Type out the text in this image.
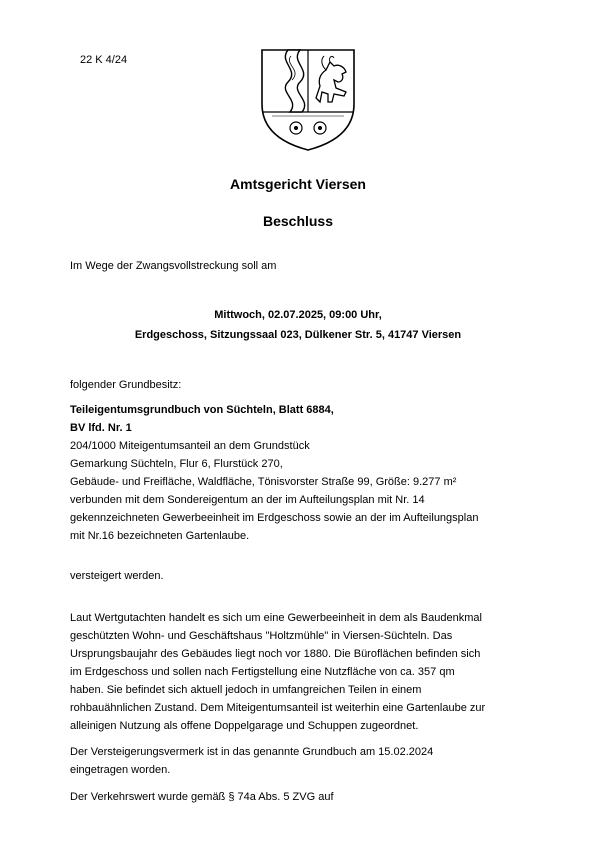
22 K 4/24
Amtsgericht Viersen
Beschluss
Im Wege der Zwangsvollstreckung soll am
Mittwoch, 02.07.2025, 09:00 Uhr,
Erdgeschoss, Sitzungssaal 023, Dülkener Str. 5, 41747 Viersen
folgender Grundbesitz:
Teileigentumsgrundbuch von Süchteln, Blatt 6884,
BV lfd. Nr. 1
204/1000 Miteigentumsanteil an dem Grundstück
Gemarkung Süchteln, Flur 6, Flurstück 270,
Gebäude- und Freifläche, Waldfläche, Tönisvorster Straße 99, Größe: 9.277 m²
verbunden mit dem Sondereigentum an der im Aufteilungsplan mit Nr. 14
gekennzeichneten Gewerbeeinheit im Erdgeschoss sowie an der im Aufteilungsplan
mit Nr.16 bezeichneten Gartenlaube.
versteigert werden.
Laut Wertgutachten handelt es sich um eine Gewerbeeinheit in dem als Baudenkmal
geschützten Wohn- und Geschäftshaus "Holtzmühle" in Viersen-Süchteln. Das
Ursprungsbaujahr des Gebäudes liegt noch vor 1880. Die Büroflächen befinden sich
im Erdgeschoss und sollen nach Fertigstellung eine Nutzfläche von ca. 357 qm
haben. Sie befindet sich aktuell jedoch in umfangreichen Teilen in einem
rohbauähnlichen Zustand. Dem Miteigentumsanteil ist weiterhin eine Gartenlaube zur
alleinigen Nutzung als offene Doppelgarage und Schuppen zugeordnet.
Der Versteigerungsvermerk ist in das genannte Grundbuch am 15.02.2024
eingetragen worden.
Der Verkehrswert wurde gemäß § 74a Abs. 5 ZVG auf
